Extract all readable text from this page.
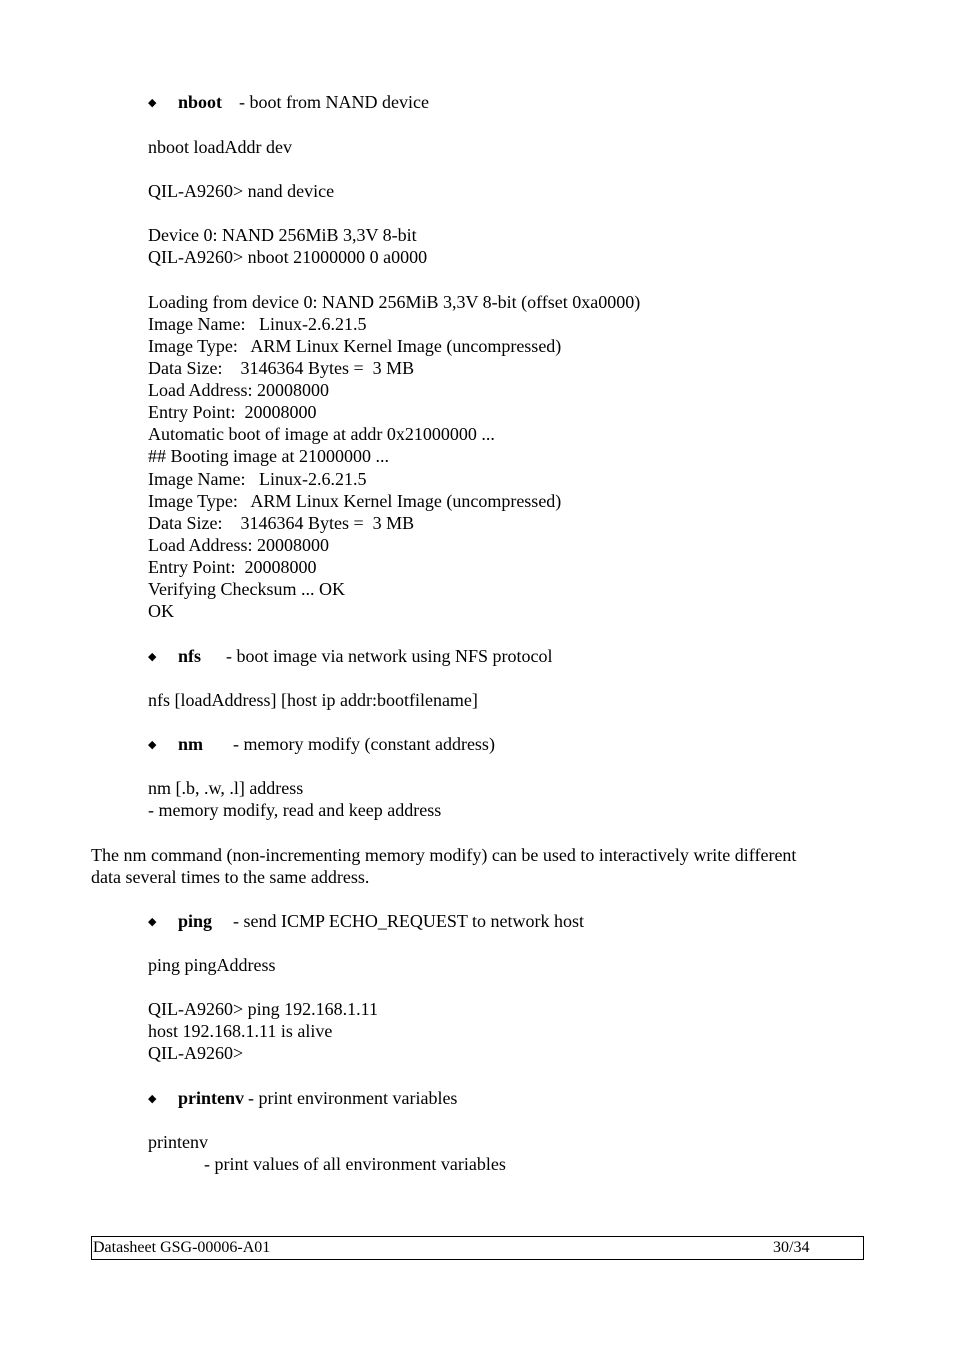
◆ nboot - boot from NAND device
nboot loadAddr dev
QIL-A9260> nand device
Device 0: NAND 256MiB 3,3V 8-bit
QIL-A9260> nboot 21000000 0 a0000
Loading from device 0: NAND 256MiB 3,3V 8-bit (offset 0xa0000)
Image Name:   Linux-2.6.21.5
Image Type:   ARM Linux Kernel Image (uncompressed)
Data Size:    3146364 Bytes =  3 MB
Load Address: 20008000
Entry Point:  20008000
Automatic boot of image at addr 0x21000000 ...
## Booting image at 21000000 ...
Image Name:   Linux-2.6.21.5
Image Type:   ARM Linux Kernel Image (uncompressed)
Data Size:    3146364 Bytes =  3 MB
Load Address: 20008000
Entry Point:  20008000
Verifying Checksum ... OK
OK
◆ nfs - boot image via network using NFS protocol
nfs [loadAddress] [host ip addr:bootfilename]
◆ nm - memory modify (constant address)
nm [.b, .w, .l] address
- memory modify, read and keep address
The nm command (non-incrementing memory modify) can be used to interactively write different
data several times to the same address.
◆ ping - send ICMP ECHO_REQUEST to network host
ping pingAddress
QIL-A9260> ping 192.168.1.11
host 192.168.1.11 is alive
QIL-A9260>
◆ printenv - print environment variables
printenv
- print values of all environment variables
Datasheet GSG-00006-A01	30/34
